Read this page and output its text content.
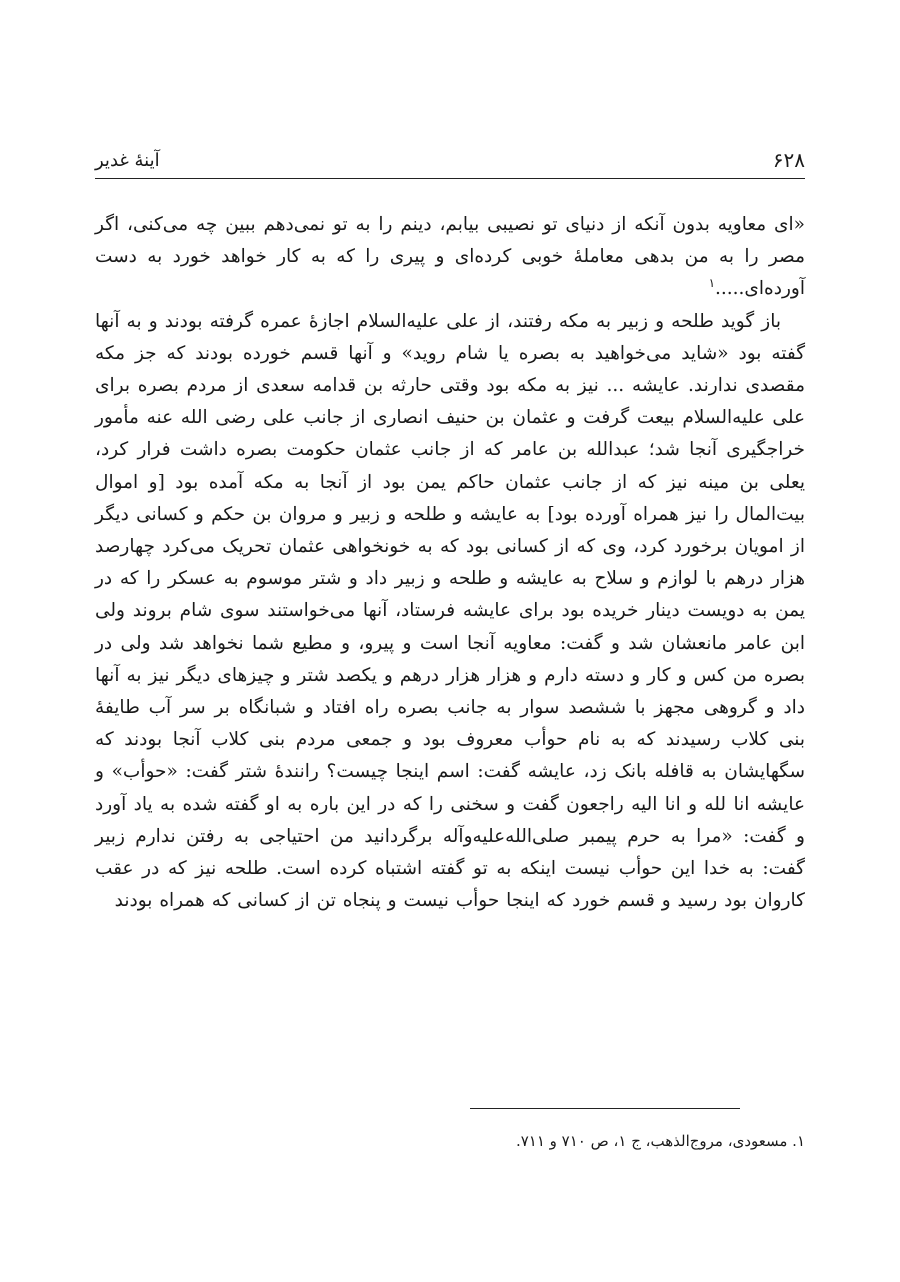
۶۲۸
آینۀ غدیر

«ای معاویه بدون آنکه از دنیای تو نصیبی بیابم، دینم را به تو نمی‌دهم ببین چه می‌کنی، اگر مصر را به من بدهی معاملۀ خوبی کرده‌ای و پیری را که به کار خواهد خورد به دست آورده‌ای.....$^۱$

باز گوید طلحه و زبیر به مکه رفتند، از علی علیه‌السلام اجازۀ عمره گرفته بودند و به آنها گفته بود «شاید می‌خواهید به بصره یا شام روید» و آنها قسم خورده بودند که جز مکه مقصدی ندارند. عایشه ... نیز به مکه بود وقتی حارثه بن قدامه سعدی از مردم بصره برای علی علیه‌السلام بیعت گرفت و عثمان بن حنیف انصاری از جانب علی رضی الله عنه مأمور خراجگیری آنجا شد؛ عبدالله بن عامر که از جانب عثمان حکومت بصره داشت فرار کرد، یعلی بن مینه نیز که از جانب عثمان حاکم یمن بود از آنجا به مکه آمده بود [و اموال بیت‌المال را نیز همراه آورده بود] به عایشه و طلحه و زبیر و مروان بن حکم و کسانی دیگر از امویان برخورد کرد، وی که از کسانی بود که به خونخواهی عثمان تحریک می‌کرد چهارصد هزار درهم با لوازم و سلاح به عایشه و طلحه و زبیر داد و شتر موسوم به عسکر را که در یمن به دویست دینار خریده بود برای عایشه فرستاد، آنها می‌خواستند سوی شام بروند ولی ابن عامر مانعشان شد و گفت: معاویه آنجا است و پیرو، و مطیع شما نخواهد شد ولی در بصره من کس و کار و دسته دارم و هزار هزار درهم و یکصد شتر و چیزهای دیگر نیز به آنها داد و گروهی مجهز با ششصد سوار به جانب بصره راه افتاد و شبانگاه بر سر آب طایفۀ بنی کلاب رسیدند که به نام حوأب معروف بود و جمعی مردم بنی کلاب آنجا بودند که سگهایشان به قافله بانک زد، عایشه گفت: اسم اینجا چیست؟ رانندۀ شتر گفت: «حوأب» و عایشه انا لله و انا الیه راجعون گفت و سخنی را که در این باره به او گفته شده به یاد آورد و گفت: «مرا به حرم پیمبر صلی‌الله‌علیه‌وآله برگردانید من احتیاجی به رفتن ندارم زبیر گفت: به خدا این حوأب نیست اینکه به تو گفته اشتباه کرده است. طلحه نیز که در عقب کاروان بود رسید و قسم خورد که اینجا حوأب نیست و پنجاه تن از کسانی که همراه بودند

۱. مسعودی، مروج‌الذهب، ج ۱، ص ۷۱۰ و ۷۱۱.
